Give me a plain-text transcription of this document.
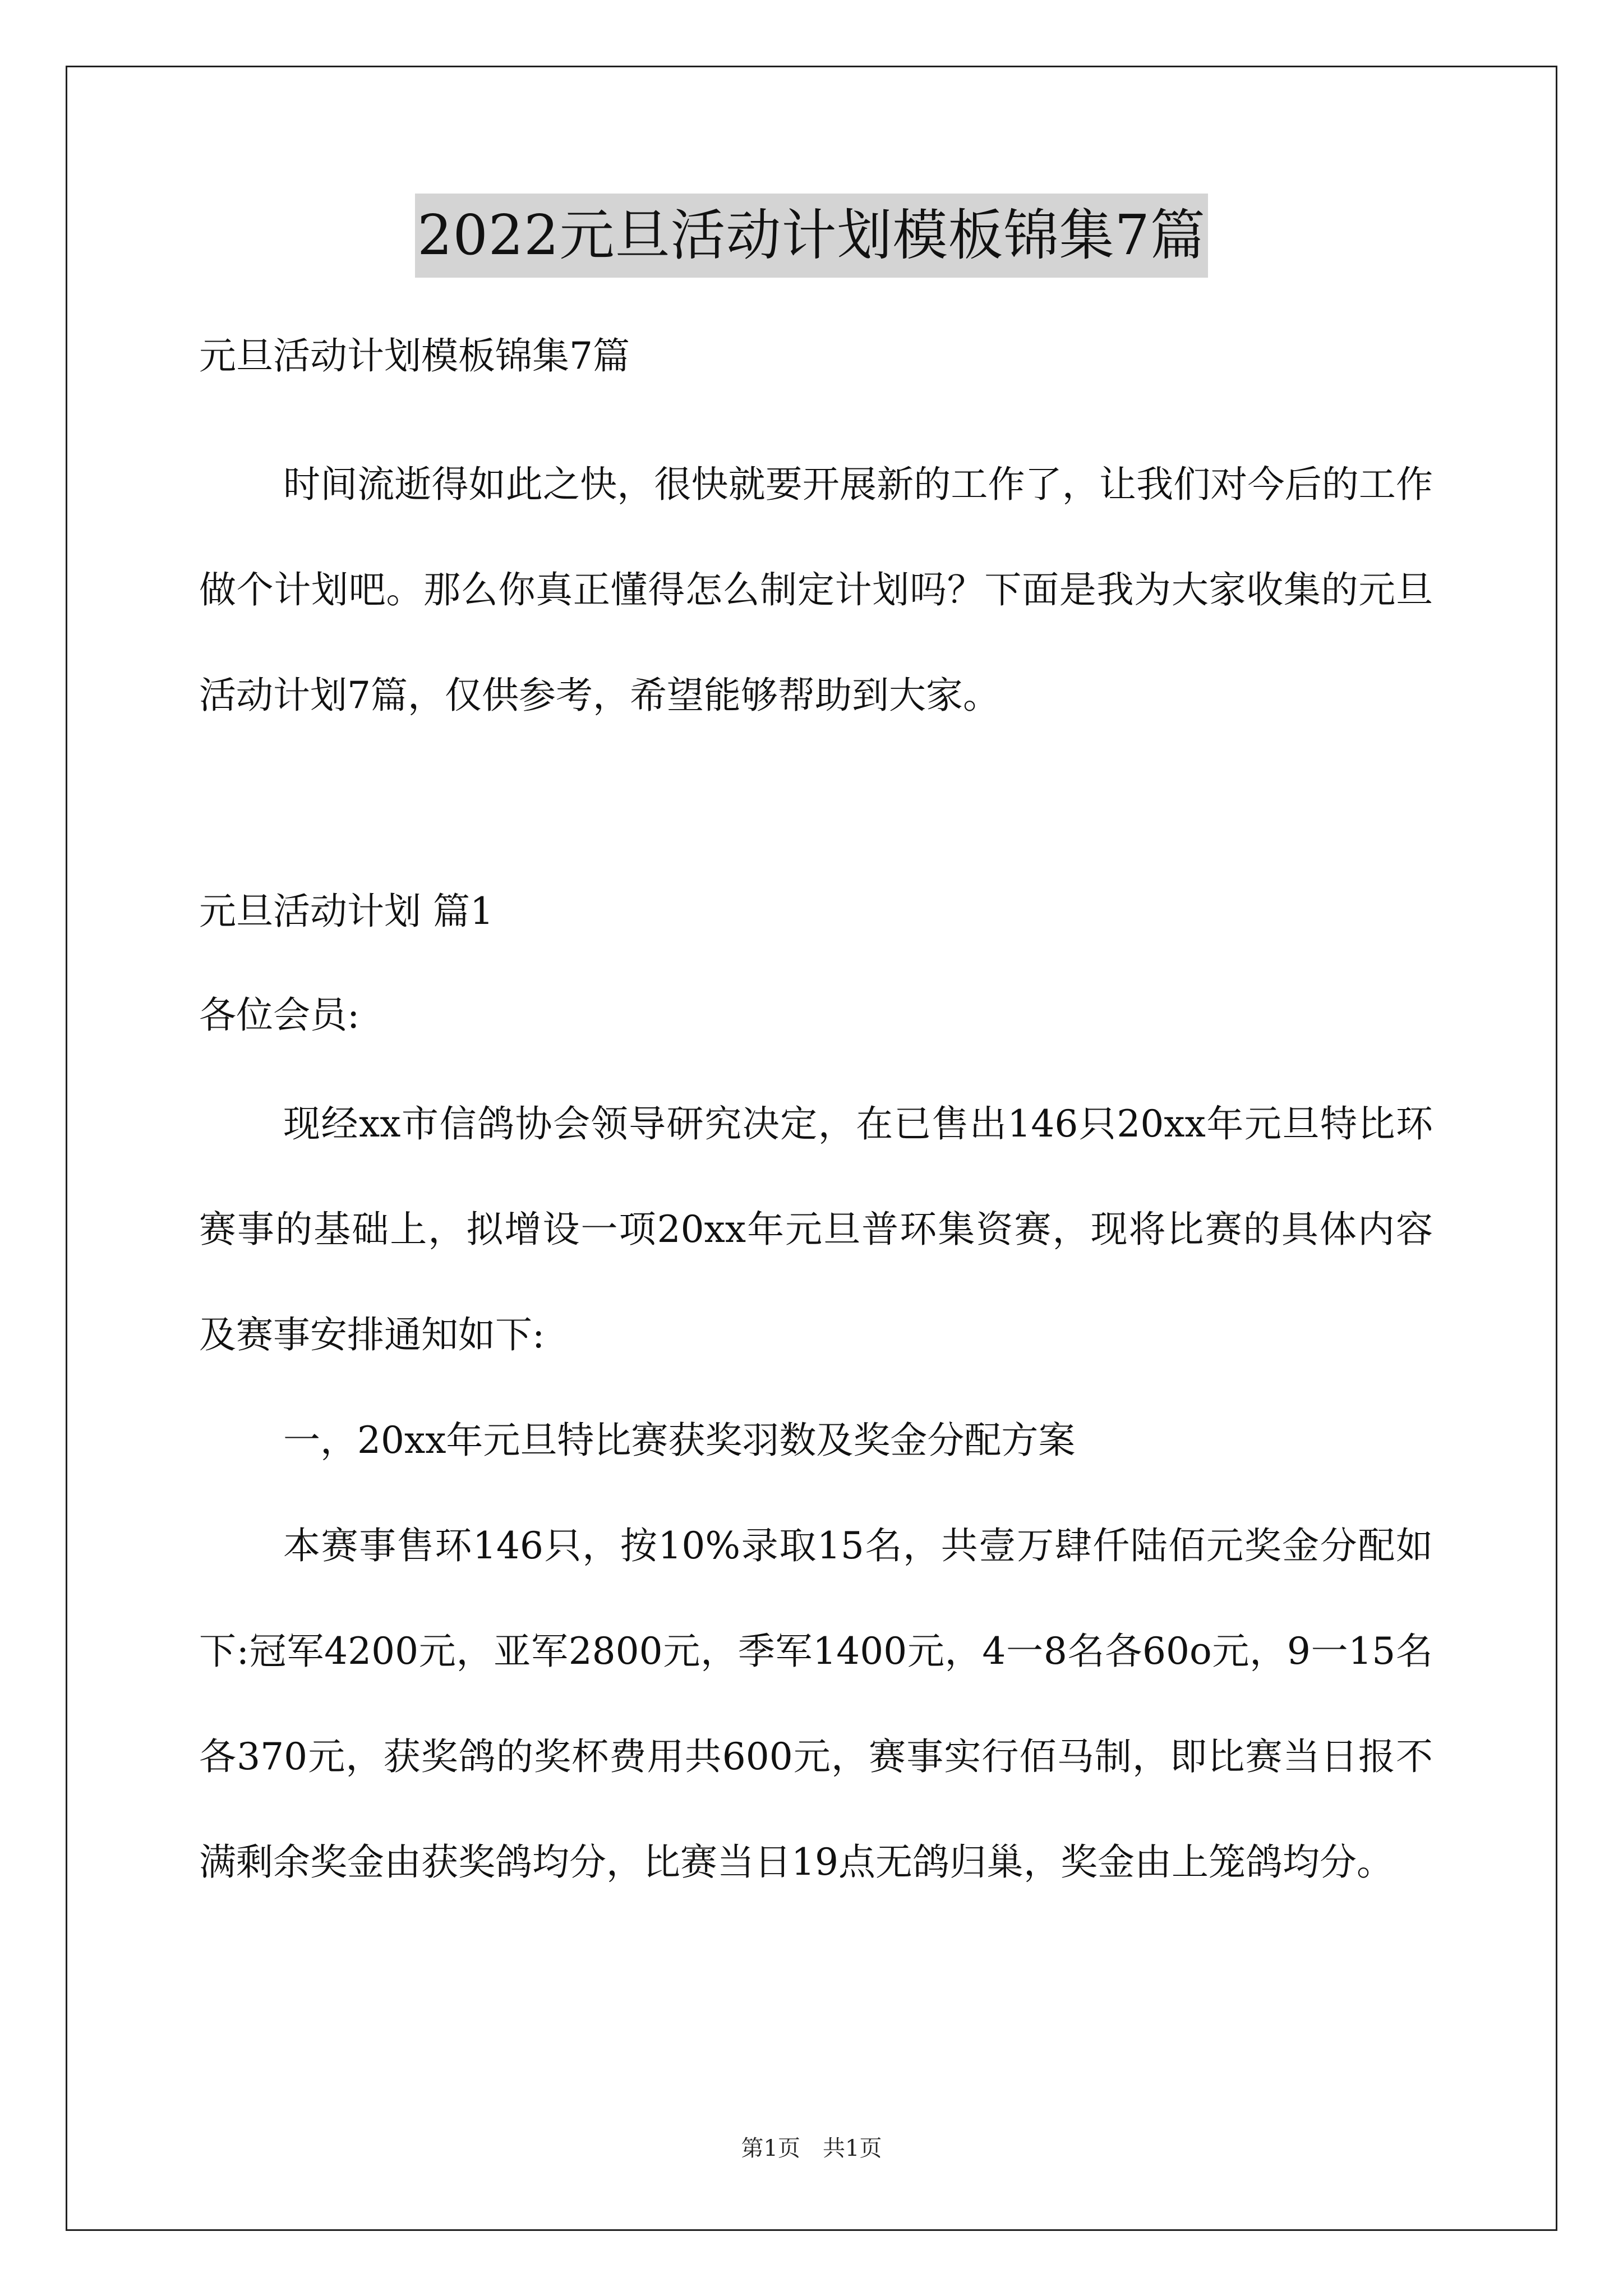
2022元旦活动计划模板锦集7篇
元旦活动计划模板锦集7篇

时间流逝得如此之快，很快就要开展新的工作了，让我们对今后的工作做个计划吧。那么你真正懂得怎么制定计划吗？下面是我为大家收集的元旦活动计划7篇，仅供参考，希望能够帮助到大家。

元旦活动计划 篇1
各位会员:

现经xx市信鸽协会领导研究决定，在已售出146只20xx年元旦特比环赛事的基础上，拟增设一项20xx年元旦普环集资赛，现将比赛的具体内容及赛事安排通知如下:

一，20xx年元旦特比赛获奖羽数及奖金分配方案

本赛事售环146只，按10%录取15名，共壹万肆仟陆佰元奖金分配如下:冠军4200元，亚军2800元，季军1400元，4一8名各60o元，9一15名各370元，获奖鸽的奖杯费用共600元，赛事实行佰马制，即比赛当日报不满剩余奖金由获奖鸽均分，比赛当日19点无鸽归巢，奖金由上笼鸽均分。

第1页　共1页
